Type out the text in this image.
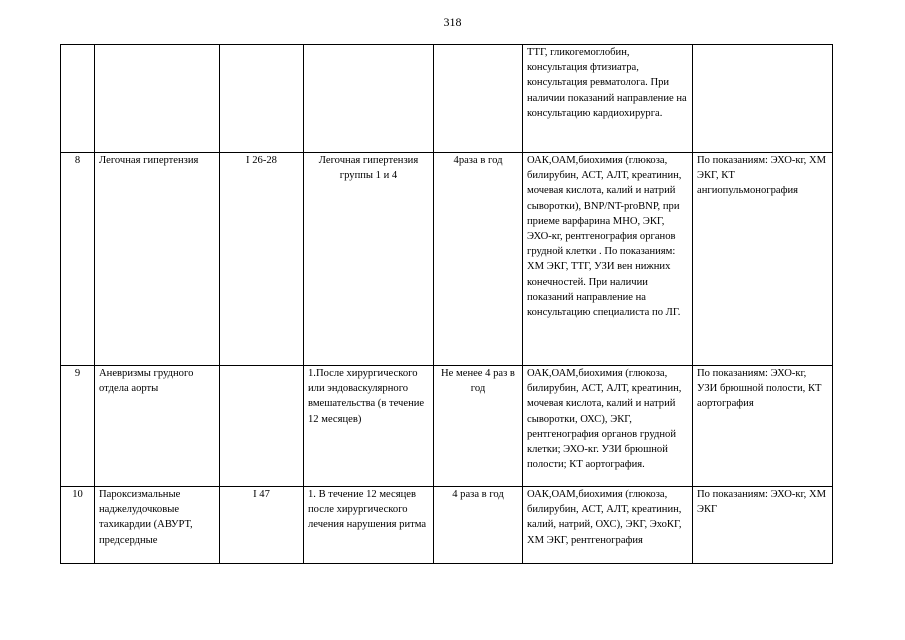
318
					ТТГ, гликогемоглобин, консультация фтизиатра, консультация ревматолога. При наличии показаний направление на консультацию кардиохирурга.	
8	Легочная гипертензия	I 26-28	Легочная гипертензия группы 1 и 4	4раза в год	ОАК,ОАМ,биохимия (глюкоза, билирубин, АСТ, АЛТ, креатинин, мочевая кислота, калий и натрий сыворотки), BNP/NT-proBNP, при приеме варфарина МНО, ЭКГ, ЭХО-кг, рентгенография органов грудной клетки . По показаниям: ХМ ЭКГ, ТТГ, УЗИ вен нижних конечностей. При наличии показаний направление на консультацию специалиста по ЛГ.	По показаниям: ЭХО-кг, ХМ ЭКГ, КТ ангиопульмонография
9	Аневризмы грудного отдела аорты		1.После хирургического или эндоваскулярного вмешательства (в течение 12 месяцев)	Не менее 4 раз в год	ОАК,ОАМ,биохимия (глюкоза, билирубин, АСТ, АЛТ, креатинин, мочевая кислота, калий и натрий сыворотки, ОХС), ЭКГ, рентгенография органов грудной клетки; ЭХО-кг. УЗИ брюшной полости; КТ аортография.	По показаниям: ЭХО-кг, УЗИ брюшной полости, КТ аортография
10	Пароксизмальные наджелудочковые тахикардии (АВУРТ, предсердные	I 47	1. В течение 12 месяцев после хирургического лечения нарушения ритма	4 раза в год	ОАК,ОАМ,биохимия (глюкоза, билирубин, АСТ, АЛТ, креатинин, калий, натрий, ОХС), ЭКГ, ЭхоКГ, ХМ ЭКГ, рентгенография	По показаниям: ЭХО-кг, ХМ ЭКГ
